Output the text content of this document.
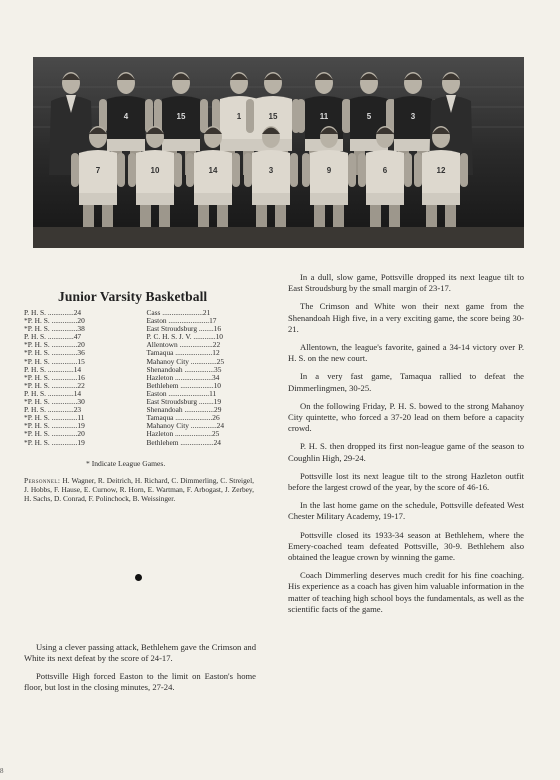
4	15	1	15	11	5	3
7	10	14	3	9	6	12
Junior Varsity Basketball
P. H. S. ..............24	Cass ......................21
*P. H. S. ..............20	Easton ......................17
*P. H. S. ..............38	East Stroudsburg ........16
P. H. S. ..............47	P. C. H. S. J. V. ............10
*P. H. S. ..............20	Allentown ..................22
*P. H. S. ..............36	Tamaqua ....................12
*P. H. S. ..............15	Mahanoy City ..............25
P. H. S. ..............14	Shenandoah ................35
*P. H. S. ..............16	Hazleton ....................34
*P. H. S. ..............22	Bethlehem ..................10
P. H. S. ..............14	Easton ......................11
*P. H. S. ..............30	East Stroudsburg ........19
P. H. S. ..............23	Shenandoah ................29
*P. H. S. ..............11	Tamaqua ....................26
*P. H. S. ..............19	Mahanoy City ..............24
*P. H. S. ..............20	Hazleton ....................25
*P. H. S. ..............19	Bethlehem ..................24
* Indicate League Games.
Personnel: H. Wagner, R. Deitrich, H. Richard, C. Dimmerling, C. Streigel, J. Hobbs, F. Hause, E. Curnow, R. Horn, E. Wartman, F. Arbogast, J. Zerbey, H. Sachs, D. Conrad, F. Polinchock, B. Weissinger.

Using a clever passing attack, Bethlehem gave the Crimson and White its next defeat by the score of 24-17.

Pottsville High forced Easton to the limit on Easton's home floor, but lost in the closing minutes, 27-24.

In a dull, slow game, Pottsville dropped its next league tilt to East Stroudsburg by the small margin of 23-17.

The Crimson and White won their next game from the Shenandoah High five, in a very exciting game, the score being 30-21.

Allentown, the league's favorite, gained a 34-14 victory over P. H. S. on the new court.

In a very fast game, Tamaqua rallied to defeat the Dimmerlingmen, 30-25.

On the following Friday, P. H. S. bowed to the strong Mahanoy City quintette, who forced a 37-20 lead on them before a capacity crowd.

P. H. S. then dropped its first non-league game of the season to Coughlin High, 29-24.

Pottsville lost its next league tilt to the strong Hazleton outfit before the largest crowd of the year, by the score of 46-16.

In the last home game on the schedule, Pottsville defeated West Chester Military Academy, 19-17.

Pottsville closed its 1933-34 season at Bethlehem, where the Emery-coached team defeated Pottsville, 30-9. Bethlehem also obtained the league crown by winning the game.

Coach Dimmerling deserves much credit for his fine coaching. His experience as a coach has given him valuable information in the matter of teaching high school boys the fundamentals, as well as the scientific facts of the game.

8
